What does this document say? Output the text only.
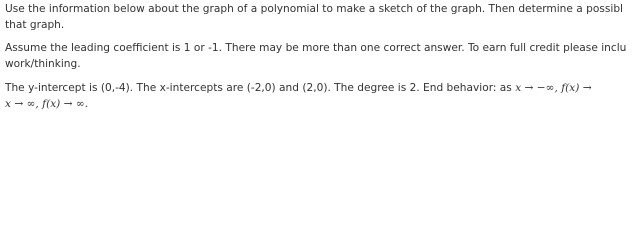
Use the information below about the graph of a polynomial to make a sketch of the graph. Then determine a possibl
that graph.
Assume the leading coefficient is 1 or -1. There may be more than one correct answer. To earn full credit please inclu
work/thinking.
The y-intercept is (0,-4). The x-intercepts are (-2,0) and (2,0). The degree is 2. End behavior: as x → −∞, f(x) →
x → ∞, f(x) → ∞.
